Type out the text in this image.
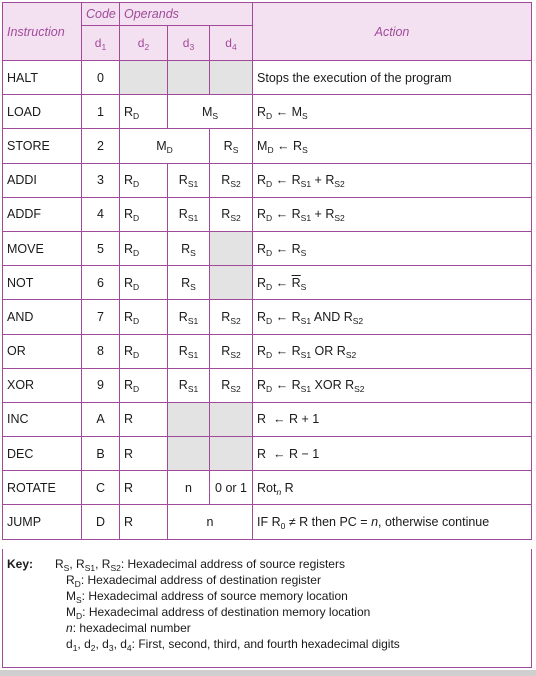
Instruction	Code	Operands			Action
	$d_1$	$d_2$	$d_3$	$d_4$
HALT	0				Stops the execution of the program
LOAD	1	$R_D$	$M_S$		$R_D$ ← $M_S$
STORE	2	$M_D$		$R_S$	$M_D$ ← $R_S$
ADDI	3	$R_D$	$R_{S1}$	$R_{S2}$	$R_D$ ← $R_{S1} + R_{S2}$
ADDF	4	$R_D$	$R_{S1}$	$R_{S2}$	$R_D$ ← $R_{S1} + R_{S2}$
MOVE	5	$R_D$	$R_S$		$R_D$ ← $R_S$
NOT	6	$R_D$	$R_S$		$R_D$ ← $\overline{R}_S$
AND	7	$R_D$	$R_{S1}$	$R_{S2}$	$R_D$ ← $R_{S1}$ AND $R_{S2}$
OR	8	$R_D$	$R_{S1}$	$R_{S2}$	$R_D$ ← $R_{S1}$ OR $R_{S2}$
XOR	9	$R_D$	$R_{S1}$	$R_{S2}$	$R_D$ ← $R_{S1}$ XOR $R_{S2}$
INC	A	R			R  ← R + 1
DEC	B	R			R  ← R − 1
ROTATE	C	R	n	0 or 1	Rot$_n$ R
JUMP	D	R	n		IF $R_0 \ne R$ then PC = n, otherwise continue
Key: $R_S$, $R_{S1}$, $R_{S2}$: Hexadecimal address of source registers
$R_D$: Hexadecimal address of destination register
$M_S$: Hexadecimal address of source memory location
$M_D$: Hexadecimal address of destination memory location
n: hexadecimal number
$d_1$, $d_2$, $d_3$, $d_4$: First, second, third, and fourth hexadecimal digits
